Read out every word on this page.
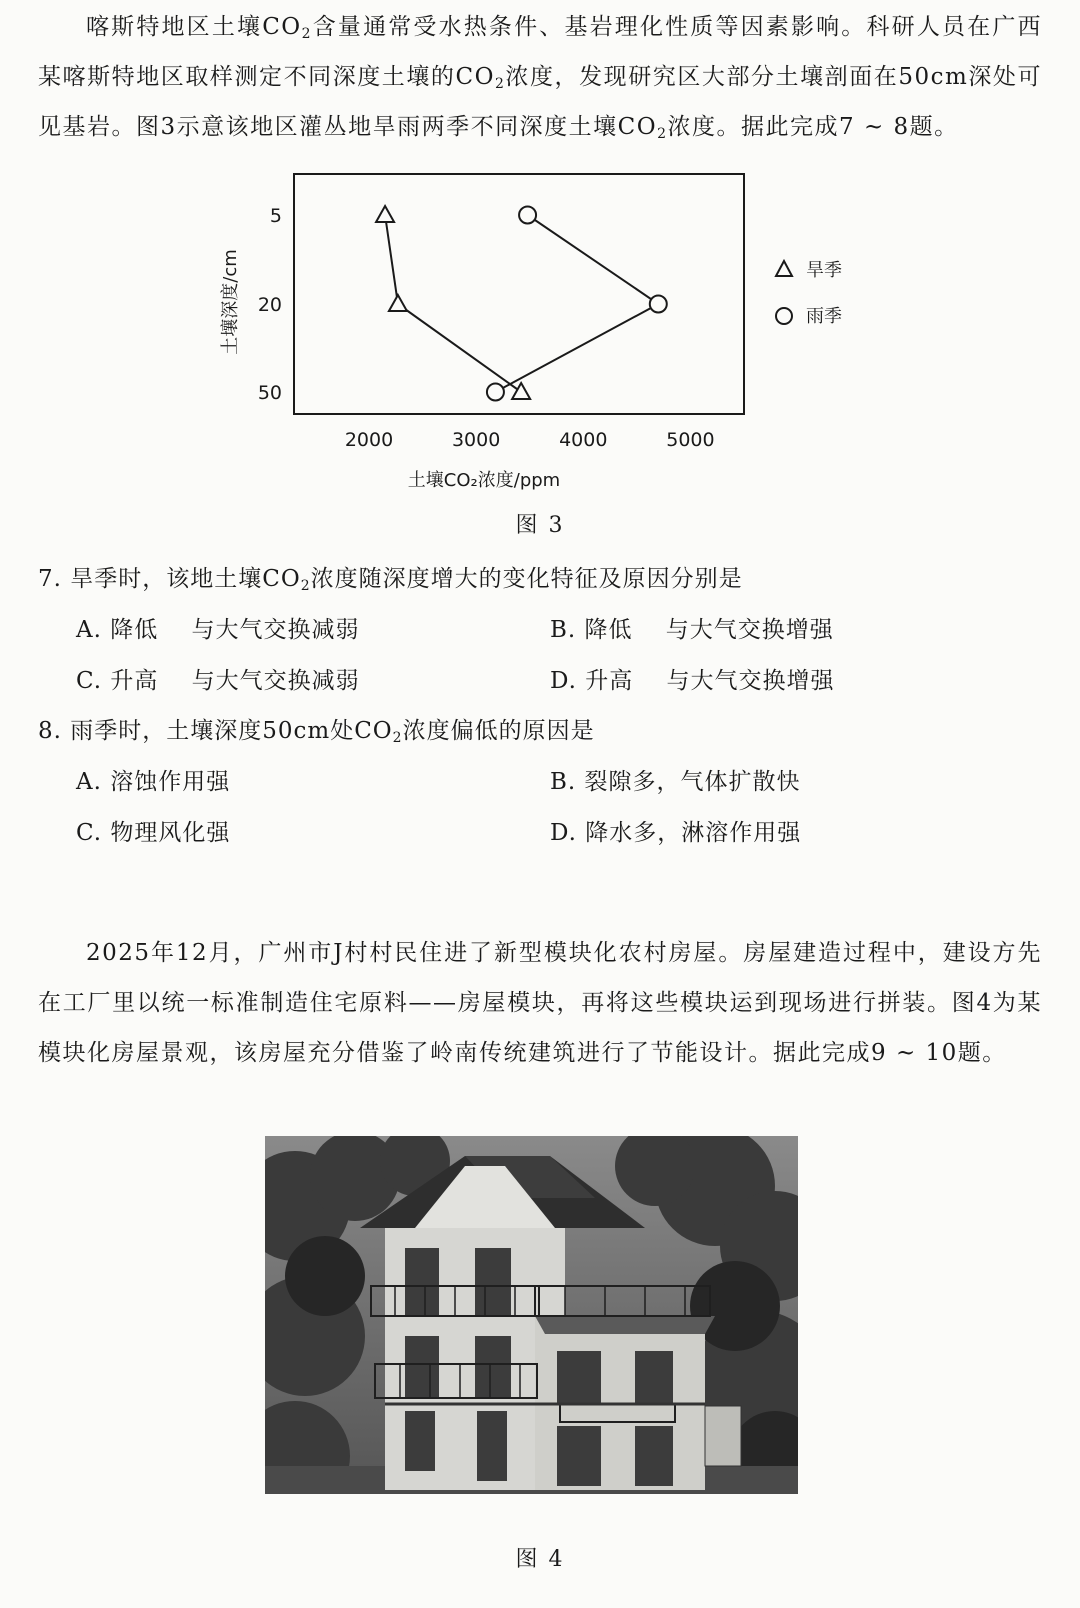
喀斯特地区土壤$CO_2$含量通常受水热条件、基岩理化性质等因素影响。科研人员在广西某喀斯特地区取样测定不同深度土壤的$CO_2$浓度，发现研究区大部分土壤剖面在50cm深处可见基岩。图3示意该地区灌丛地旱雨两季不同深度土壤$CO_2$浓度。据此完成7 ~ 8题。
2000	3000	4000	5000
5
20
50
土壤CO₂浓度/ppm
土壤深度/cm	旱季
雨季
图 3
7. 旱季时，该地土壤$CO_2$浓度随深度增大的变化特征及原因分别是
A. 降低    与大气交换减弱	B. 降低    与大气交换增强
C. 升高    与大气交换减弱	D. 升高    与大气交换增强
8. 雨季时，土壤深度50cm处$CO_2$浓度偏低的原因是
A. 溶蚀作用强	B. 裂隙多，气体扩散快
C. 物理风化强	D. 降水多，淋溶作用强
2025年12月，广州市J村村民住进了新型模块化农村房屋。房屋建造过程中，建设方先在工厂里以统一标准制造住宅原料——房屋模块，再将这些模块运到现场进行拼装。图4为某模块化房屋景观，该房屋充分借鉴了岭南传统建筑进行了节能设计。据此完成9 ~ 10题。
图 4
